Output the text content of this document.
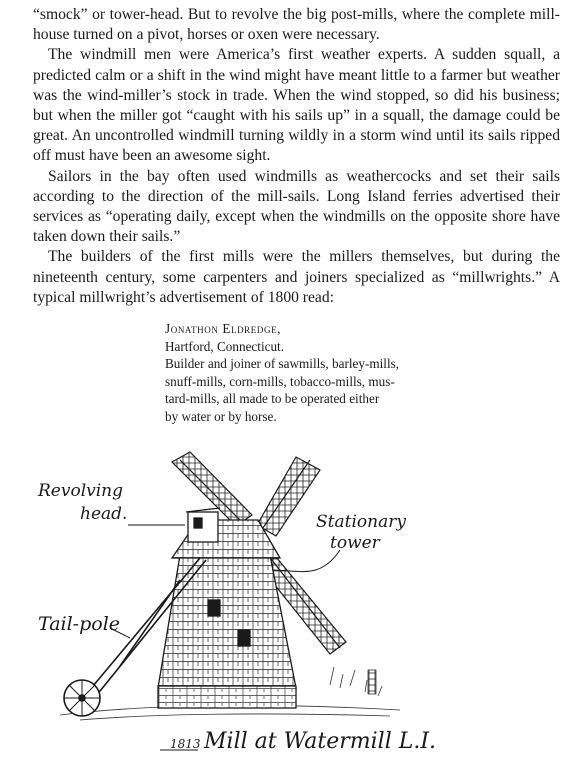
“smock” or tower-head. But to revolve the big post-mills, where the complete mill-house turned on a pivot, horses or oxen were necessary.

The windmill men were America’s first weather experts. A sudden squall, a predicted calm or a shift in the wind might have meant little to a farmer but weather was the wind-miller’s stock in trade. When the wind stopped, so did his business; but when the miller got “caught with his sails up” in a squall, the damage could be great. An uncontrolled windmill turning wildly in a storm wind until its sails ripped off must have been an awesome sight.

Sailors in the bay often used windmills as weathercocks and set their sails according to the direction of the mill-sails. Long Island ferries advertised their services as “operating daily, except when the windmills on the opposite shore have taken down their sails.”

The builders of the first mills were the millers themselves, but during the nineteenth century, some carpenters and joiners specialized as “millwrights.” A typical millwright’s advertisement of 1800 read:

Jonathon Eldredge,
Hartford, Connecticut.
Builder and joiner of sawmills, barley-mills,
snuff-mills, corn-mills, tobacco-mills, mus-
tard-mills, all made to be operated either
by water or by horse.
Revolving
head.	Stationary
tower
Tail-pole
1813 Mill at Watermill L.I.
